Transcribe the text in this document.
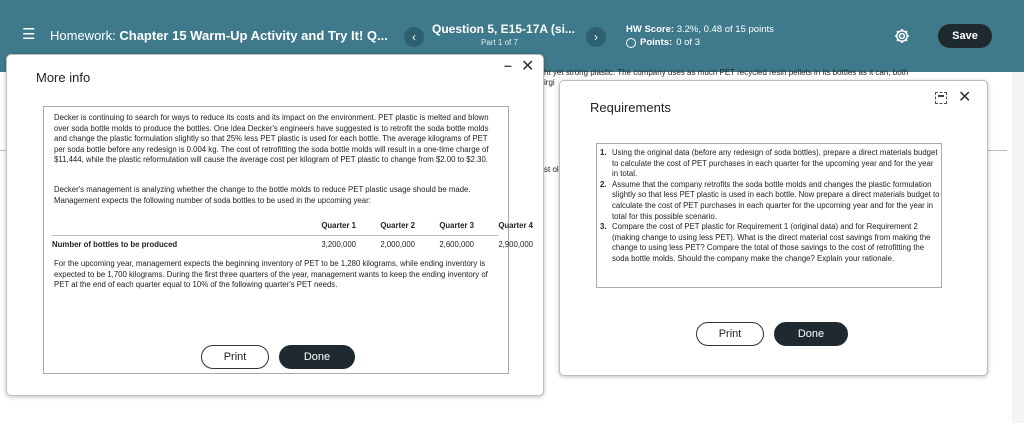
☰ Homework: Chapter 15 Warm-Up Activity and Try It! Q...	‹
Question 5, E15-17A (si...
Part 1 of 7	›
HW Score: 3.2%, 0.48 of 15 points
Points: 0 of 3
Save
ht yet strong plastic. The company uses as much PET recycled resin pellets in its bottles as it can, both
irgi
st ol
More info
– ✕

Decker is continuing to search for ways to reduce its costs and its impact on the environment. PET plastic is melted and blown over soda bottle molds to produce the bottles. One idea Decker's engineers have suggested is to retrofit the soda bottle molds and change the plastic formulation slightly so that 25% less PET plastic is used for each bottle. The average kilograms of PET per soda bottle before any redesign is 0.004 kg. The cost of retrofitting the soda bottle molds will result in a one-time charge of $11,444, while the plastic reformulation will cause the average cost per kilogram of PET plastic to change from $2.00 to $2.30.

Decker's management is analyzing whether the change to the bottle molds to reduce PET plastic usage should be made. Management expects the following number of soda bottles to be used in the upcoming year:

Quarter 1	Quarter 2	Quarter 3	Quarter 4
Number of bottles to be produced	3,200,000	2,000,000	2,600,000	2,900,000

For the upcoming year, management expects the beginning inventory of PET to be 1,280 kilograms, while ending inventory is expected to be 1,700 kilograms. During the first three quarters of the year, management wants to keep the ending inventory of PET at the end of each quarter equal to 10% of the following quarter's PET needs.

Print	Done
Requirements
✕
1. Using the original data (before any redesign of soda bottles), prepare a direct materials budget to calculate the cost of PET purchases in each quarter for the upcoming year and for the year in total.
2. Assume that the company retrofits the soda bottle molds and changes the plastic formulation slightly so that less PET plastic is used in each bottle. Now prepare a direct materials budget to calculate the cost of PET purchases in each quarter for the upcoming year and for the year in total for this possible scenario.
3. Compare the cost of PET plastic for Requirement 1 (original data) and for Requirement 2 (making change to using less PET). What is the direct material cost savings from making the change to using less PET? Compare the total of those savings to the cost of retrofitting the soda bottle molds. Should the company make the change? Explain your rationale.
Print	Done
